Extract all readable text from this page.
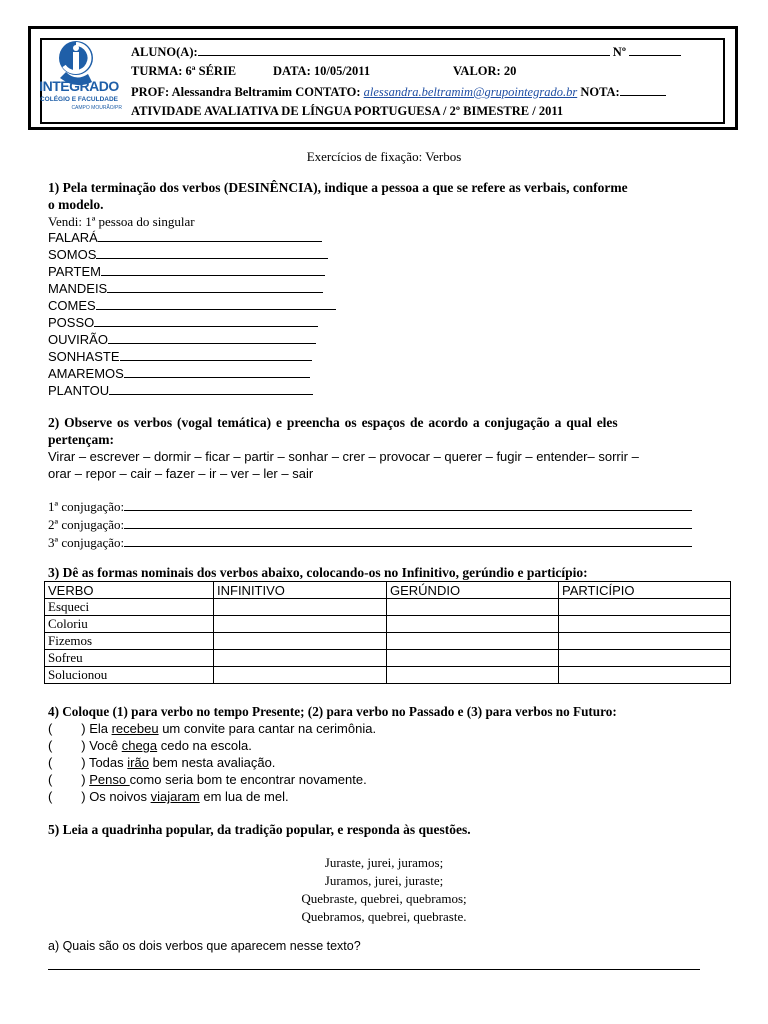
INTEGRADO
COLÉGIO E FACULDADE
CAMPO MOURÃO/PR
ALUNO(A):	Nº
TURMA: 6ª SÉRIE	DATA: 10/05/2011	VALOR: 20
PROF: Alessandra Beltramim CONTATO: alessandra.beltramim@grupointegrado.br NOTA:
ATIVIDADE AVALIATIVA DE LÍNGUA PORTUGUESA / 2º BIMESTRE / 2011
Exercícios de fixação: Verbos
1) Pela terminação dos verbos (DESINÊNCIA), indique a pessoa a que se refere as verbais, conforme
o modelo.
Vendi: 1ª pessoa do singular
FALARÁ
SOMOS
PARTEM
MANDEIS
COMES
POSSO
OUVIRÃO
SONHASTE
AMAREMOS
PLANTOU
2) Observe os verbos (vogal temática) e preencha os espaços de acordo a conjugação a qual eles
pertençam:
Virar – escrever – dormir – ficar – partir – sonhar – crer – provocar – querer – fugir – entender– sorrir –
orar – repor – cair – fazer – ir – ver – ler – sair
1ª conjugação:
2ª conjugação:
3ª conjugação:
3) Dê as formas nominais dos verbos abaixo, colocando-os no Infinitivo, gerúndio e particípio:
VERBO	INFINITIVO	GERÚNDIO	PARTICÍPIO
Esqueci			
Coloriu			
Fizemos			
Sofreu			
Solucionou			
4) Coloque (1) para verbo no tempo Presente; (2) para verbo no Passado e (3) para verbos no Futuro:
(        ) Ela recebeu um convite para cantar na cerimônia.
(        ) Você chega cedo na escola.
(        ) Todas irão bem nesta avaliação.
(        ) Penso como seria bom te encontrar novamente.
(        ) Os noivos viajaram em lua de mel.
5) Leia a quadrinha popular, da tradição popular, e responda às questões.
Juraste, jurei, juramos;
Juramos, jurei, juraste;
Quebraste, quebrei, quebramos;
Quebramos, quebrei, quebraste.
a) Quais são os dois verbos que aparecem nesse texto?
